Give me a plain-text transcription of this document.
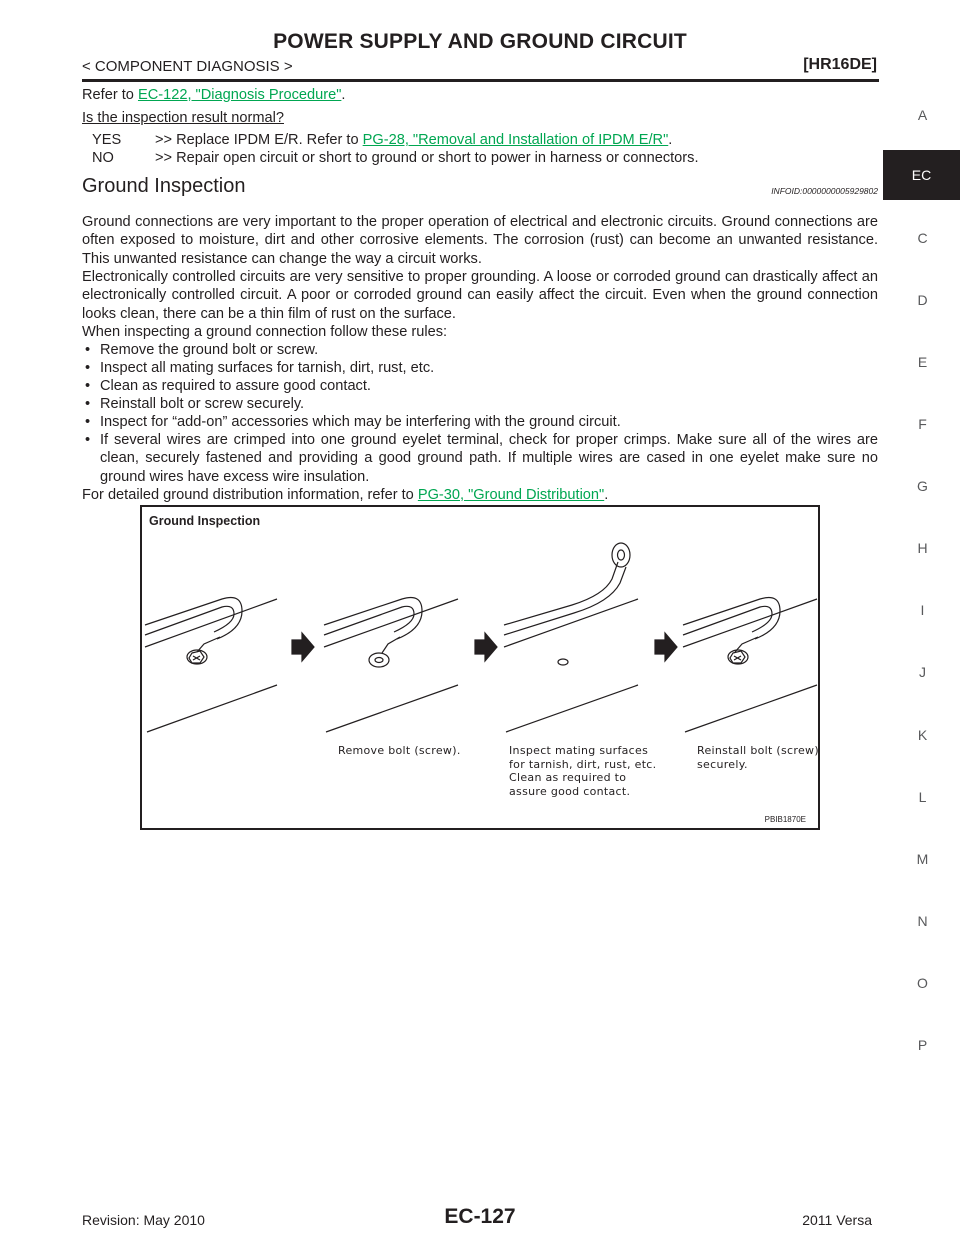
POWER SUPPLY AND GROUND CIRCUIT
< COMPONENT DIAGNOSIS >	[HR16DE]
Refer to EC-122, "Diagnosis Procedure".
Is the inspection result normal?
YES >> Replace IPDM E/R. Refer to PG-28, "Removal and Installation of IPDM E/R".
NO	>> Repair open circuit or short to ground or short to power in harness or connectors.
Ground Inspection	INFOID:0000000005929802
Ground connections are very important to the proper operation of electrical and electronic circuits. Ground connections are often exposed to moisture, dirt and other corrosive elements. The corrosion (rust) can become an unwanted resistance. This unwanted resistance can change the way a circuit works.
Electronically controlled circuits are very sensitive to proper grounding. A loose or corroded ground can drastically affect an electronically controlled circuit. A poor or corroded ground can easily affect the circuit. Even when the ground connection looks clean, there can be a thin film of rust on the surface.
When inspecting a ground connection follow these rules:
• Remove the ground bolt or screw.
• Inspect all mating surfaces for tarnish, dirt, rust, etc.
• Clean as required to assure good contact.
• Reinstall bolt or screw securely.
• Inspect for “add-on” accessories which may be interfering with the ground circuit.
• If several wires are crimped into one ground eyelet terminal, check for proper crimps. Make sure all of the wires are clean, securely fastened and providing a good ground path. If multiple wires are cased in one eyelet make sure no ground wires have excess wire insulation.
For detailed ground distribution information, refer to PG-30, "Ground Distribution".
Ground Inspection
Remove bolt (screw).	Inspect mating surfaces
for tarnish, dirt, rust, etc.
Clean as required to
assure good contact.
Reinstall bolt (screw)
securely.
PBIB1870E
A
EC
C
D
E
F
G
H
I
J
K
L
M
N
O
P
Revision: May 2010	EC-127	2011 Versa
